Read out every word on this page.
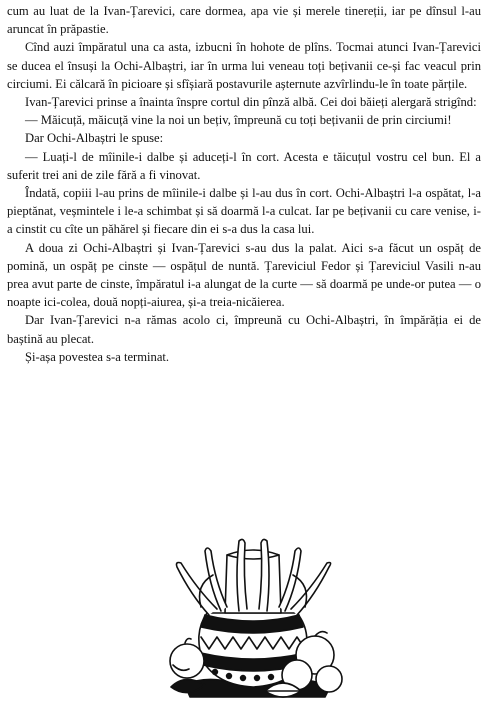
cum au luat de la Ivan-Țarevici, care dormea, apa vie și merele tinereții, iar pe dînsul l-au aruncat în prăpastie.

Cînd auzi împăratul una ca asta, izbucni în hohote de plîns. Tocmai atunci Ivan-Țarevici se ducea el însuși la Ochi-Albaștri, iar în urma lui veneau toți bețivanii ce-și fac veacul prin circiumi. Ei călcară în picioare și sfîșiară postavurile așternute azvîrlindu-le în toate părțile.

Ivan-Țarevici prinse a înainta înspre cortul din pînză albă. Cei doi băieți alergară strigînd:

— Măicuță, măicuță vine la noi un bețiv, împreună cu toți bețivanii de prin circiumi!

Dar Ochi-Albaștri le spuse:

— Luați-l de mîinile-i dalbe și aduceți-l în cort. Acesta e tăicuțul vostru cel bun. El a suferit trei ani de zile fără a fi vinovat.

Îndată, copiii l-au prins de mîinile-i dalbe și l-au dus în cort. Ochi-Albaștri l-a ospătat, l-a pieptănat, veșmintele i le-a schimbat și să doarmă l-a culcat. Iar pe bețivanii cu care venise, i-a cinstit cu cîte un păhărel și fiecare din ei s-a dus la casa lui.

A doua zi Ochi-Albaștri și Ivan-Țarevici s-au dus la palat. Aici s-a făcut un ospăț de pomină, un ospăț pe cinste — ospățul de nuntă. Țareviciul Fedor și Țareviciul Vasili n-au prea avut parte de cinste, împăratul i-a alungat de la curte — să doarmă pe unde-or putea — o noapte ici-colea, două nopți-aiurea, și-a treia-nicăierea.

Dar Ivan-Țarevici n-a rămas acolo ci, împreună cu Ochi-Albaștri, în împărăția ei de baștină au plecat.

Și-așa povestea s-a terminat.
